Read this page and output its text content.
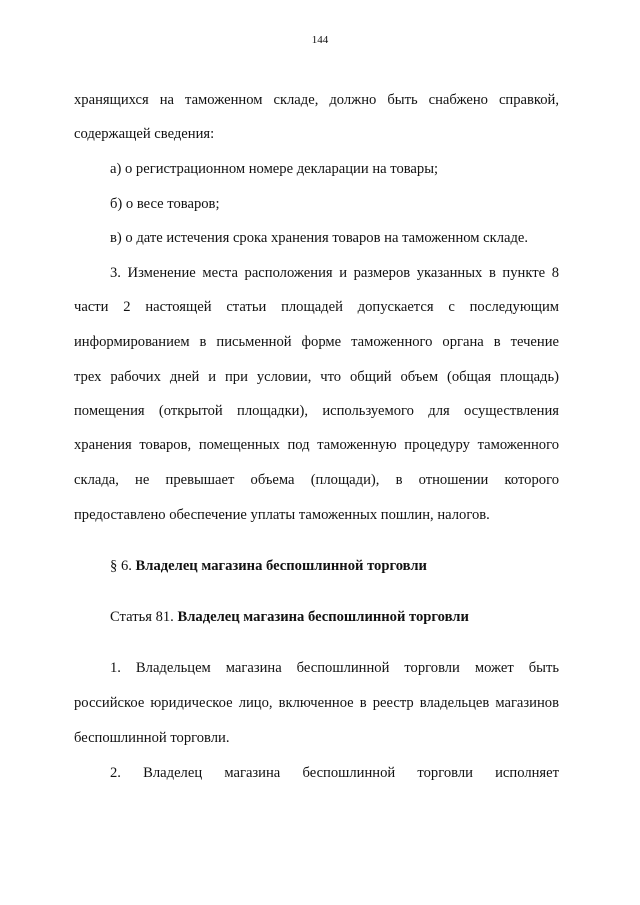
144
хранящихся на таможенном складе, должно быть снабжено справкой,
содержащей сведения:
а) о регистрационном номере декларации на товары;
б) о весе товаров;
в) о дате истечения срока хранения товаров на таможенном складе.
3. Изменение места расположения и размеров указанных в пункте 8
части 2 настоящей статьи площадей допускается с последующим
информированием в письменной форме таможенного органа в течение
трех рабочих дней и при условии, что общий объем (общая площадь)
помещения (открытой площадки), используемого для осуществления
хранения товаров, помещенных под таможенную процедуру таможенного
склада, не превышает объема (площади), в отношении которого
предоставлено обеспечение уплаты таможенных пошлин, налогов.
§ 6. Владелец магазина беспошлинной торговли
Статья 81. Владелец магазина беспошлинной торговли
1. Владельцем магазина беспошлинной торговли может быть
российское юридическое лицо, включенное в реестр владельцев магазинов
беспошлинной торговли.
2. Владелец магазина беспошлинной торговли исполняет
